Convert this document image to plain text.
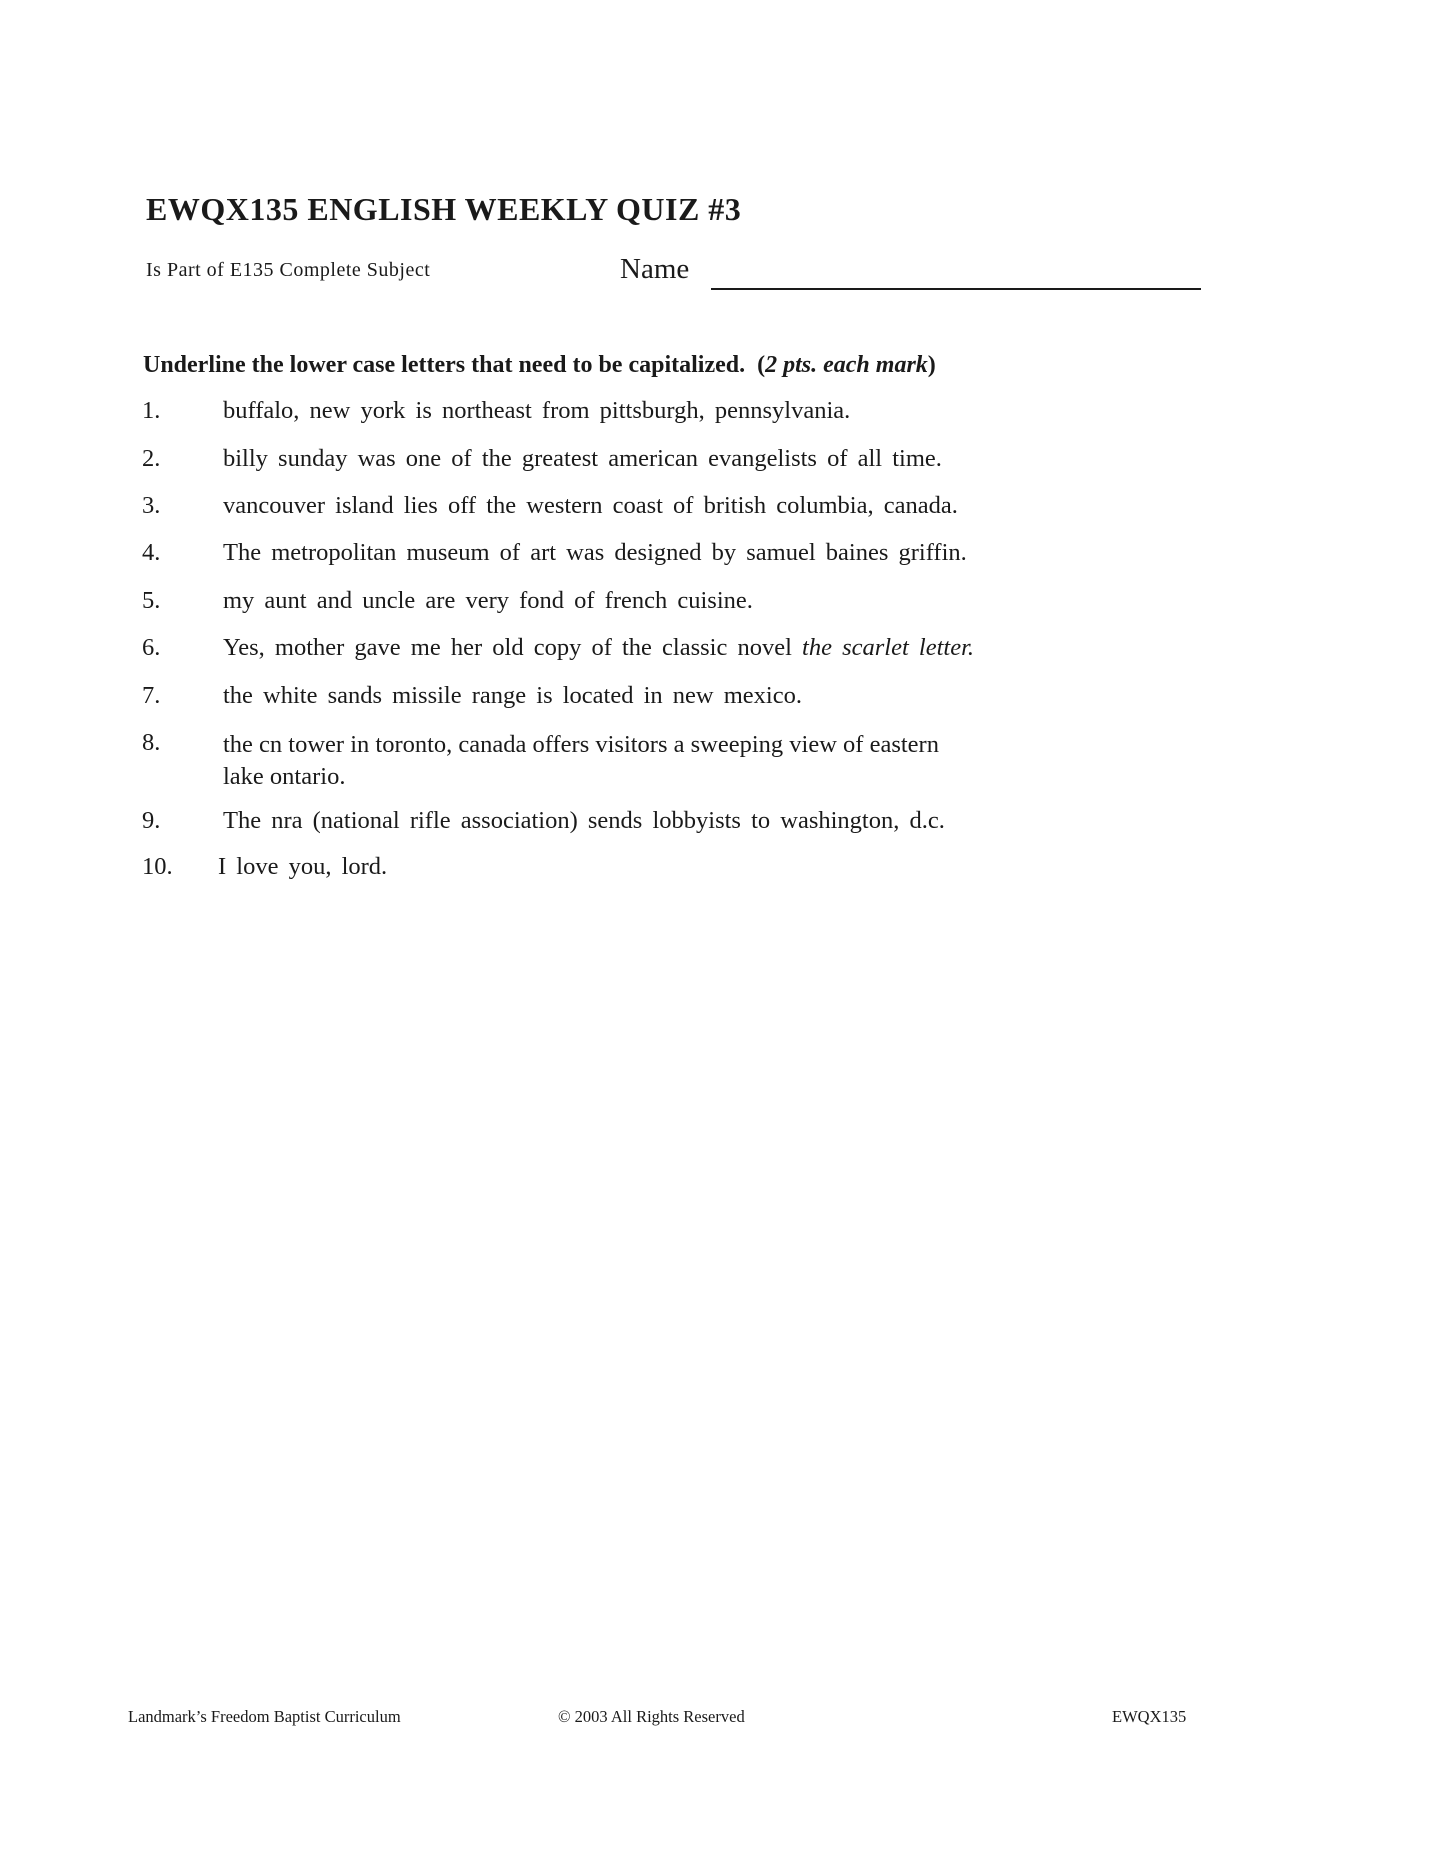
EWQX135 ENGLISH WEEKLY QUIZ #3
Is Part of E135 Complete Subject	Name
Underline the lower case letters that need to be capitalized. (2 pts. each mark)
1.	buffalo, new york is northeast from pittsburgh, pennsylvania.
2.	billy sunday was one of the greatest american evangelists of all time.
3.	vancouver island lies off the western coast of british columbia, canada.
4.	The metropolitan museum of art was designed by samuel baines griffin.
5.	my aunt and uncle are very fond of french cuisine.
6.	Yes, mother gave me her old copy of the classic novel the scarlet letter.
7.	the white sands missile range is located in new mexico.
8.	the cn tower in toronto, canada offers visitors a sweeping view of eastern
lake ontario.
9.	The nra (national rifle association) sends lobbyists to washington, d.c.
10. I love you, lord.
Landmark’s Freedom Baptist Curriculum	© 2003 All Rights Reserved	EWQX135
